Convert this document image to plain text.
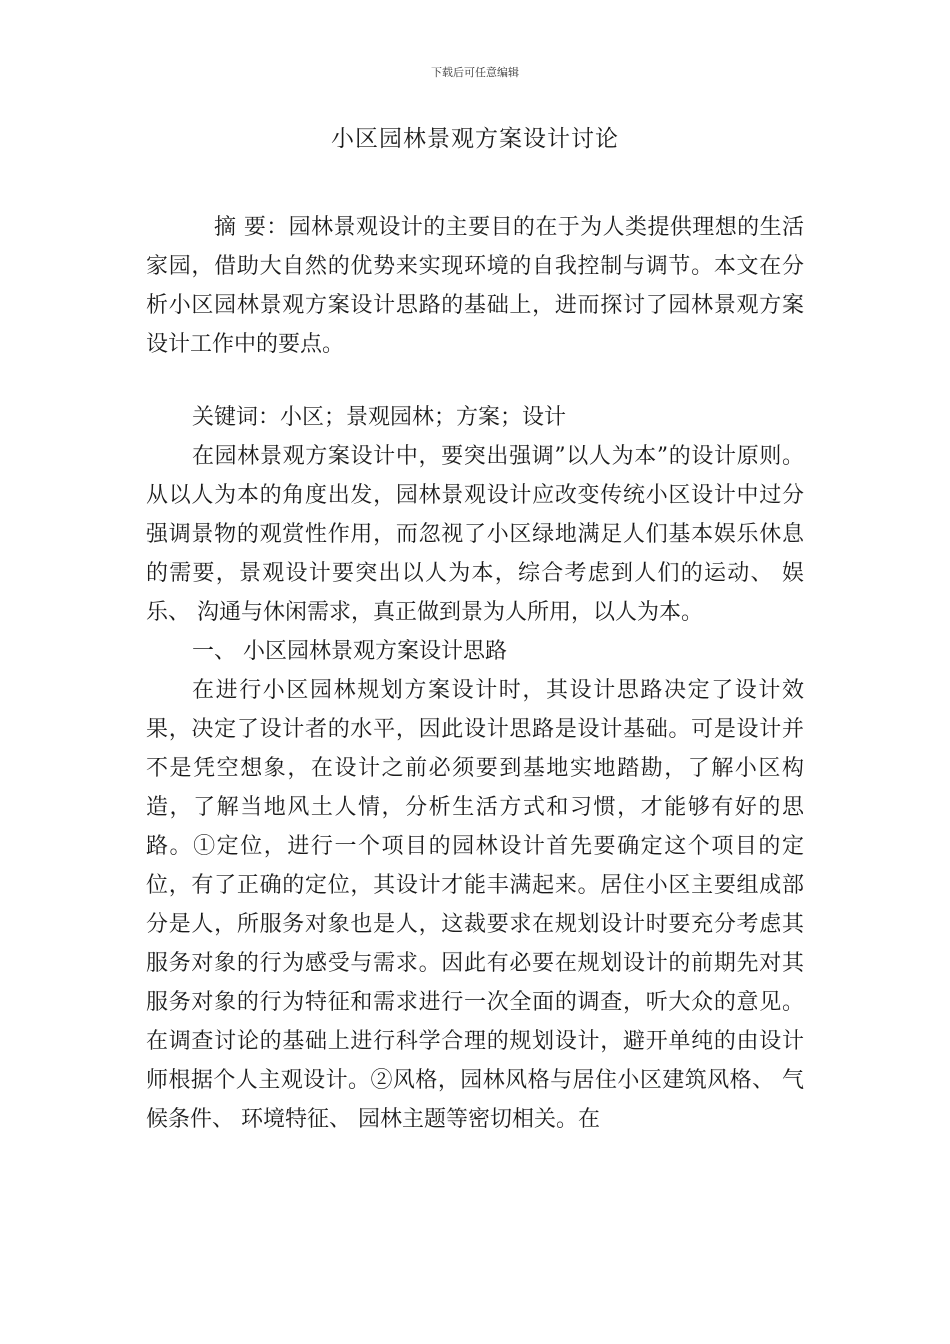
下载后可任意编辑
小区园林景观方案设计讨论
摘 要：园林景观设计的主要目的在于为人类提供理想的生活家园，借助大自然的优势来实现环境的自我控制与调节。本文在分析小区园林景观方案设计思路的基础上，进而探讨了园林景观方案设计工作中的要点。

关键词：小区；景观园林；方案；设计

在园林景观方案设计中，要突出强调”以人为本”的设计原则。从以人为本的角度出发，园林景观设计应改变传统小区设计中过分强调景物的观赏性作用，而忽视了小区绿地满足人们基本娱乐休息的需要，景观设计要突出以人为本，综合考虑到人们的运动、 娱乐、 沟通与休闲需求，真正做到景为人所用，以人为本。

一、 小区园林景观方案设计思路

在进行小区园林规划方案设计时，其设计思路决定了设计效果，决定了设计者的水平，因此设计思路是设计基础。可是设计并不是凭空想象，在设计之前必须要到基地实地踏勘，了解小区构造，了解当地风土人情，分析生活方式和习惯，才能够有好的思路。①定位，进行一个项目的园林设计首先要确定这个项目的定位，有了正确的定位，其设计才能丰满起来。居住小区主要组成部分是人，所服务对象也是人，这裁要求在规划设计时要充分考虑其服务对象的行为感受与需求。因此有必要在规划设计的前期先对其服务对象的行为特征和需求进行一次全面的调查，听大众的意见。在调查讨论的基础上进行科学合理的规划设计，避开单纯的由设计师根据个人主观设计。②风格，园林风格与居住小区建筑风格、 气候条件、 环境特征、 园林主题等密切相关。在
